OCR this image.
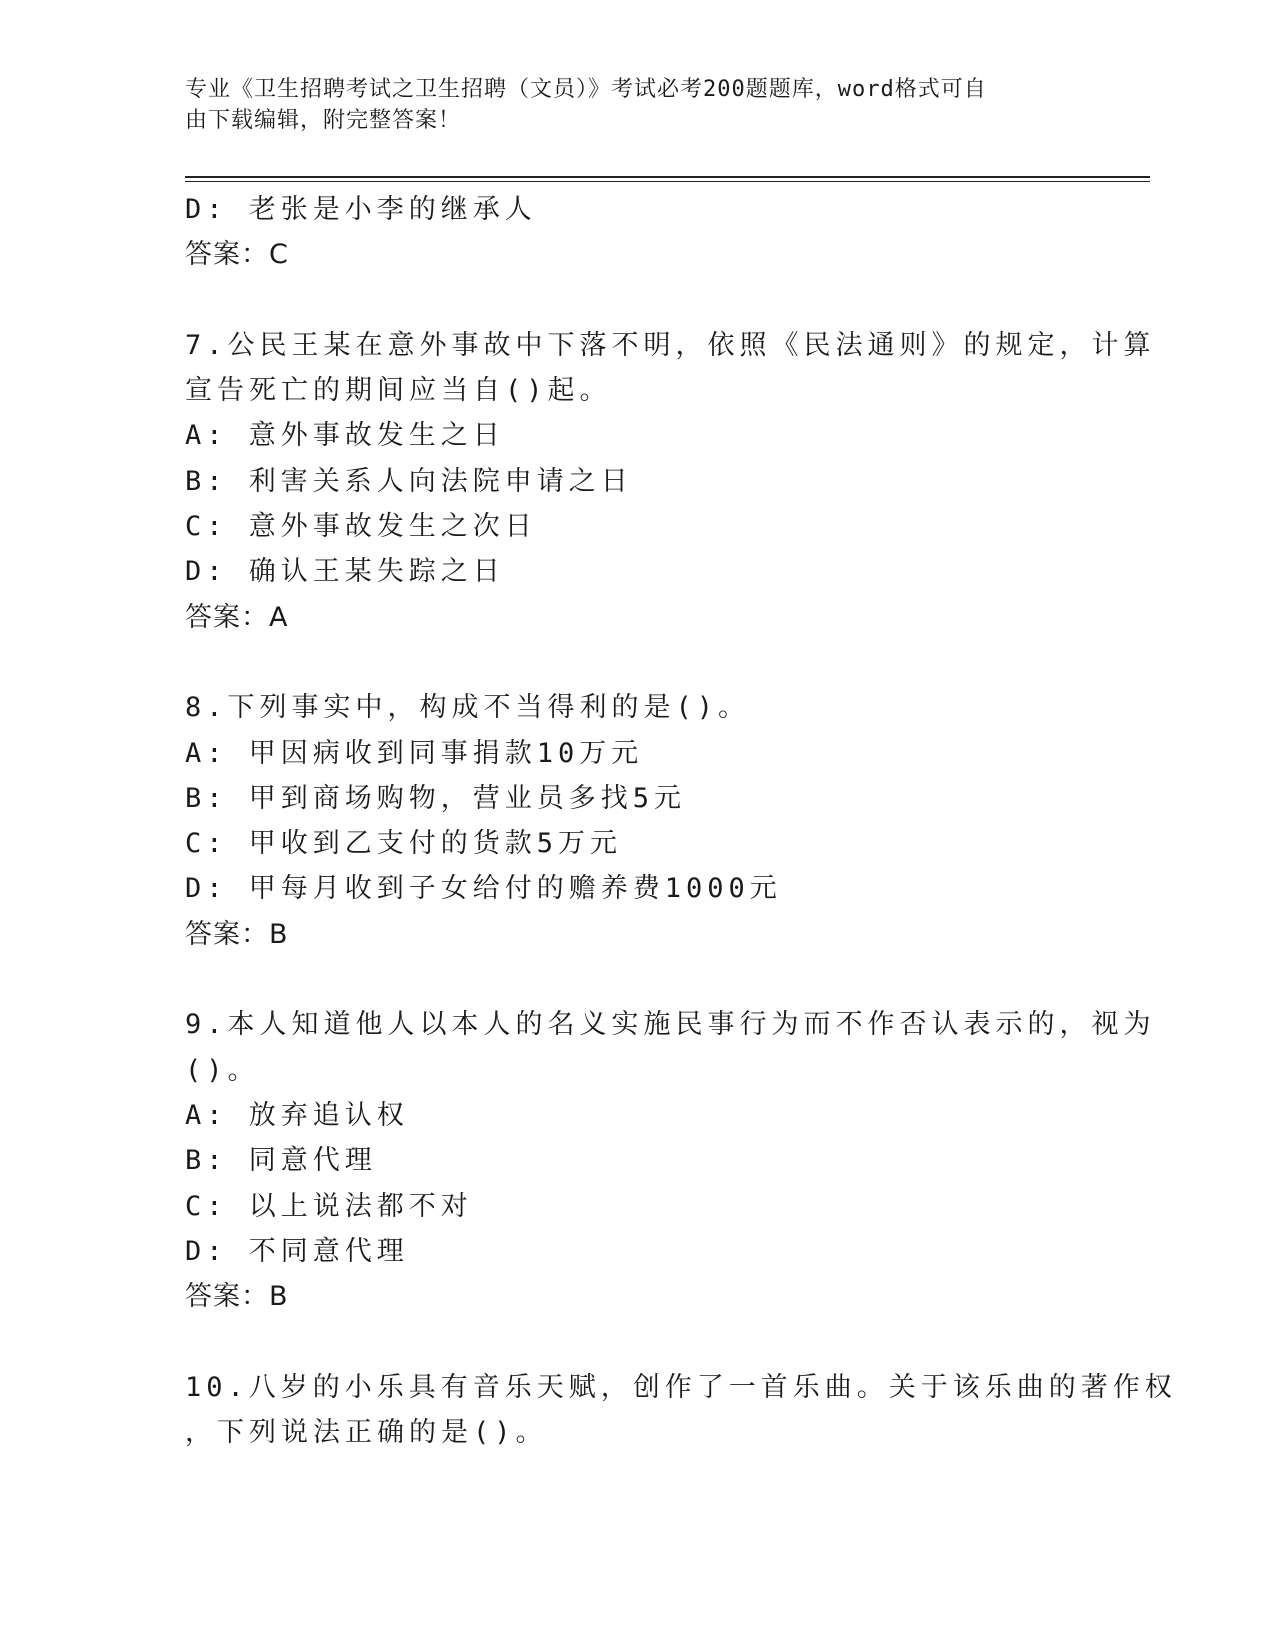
专业《卫生招聘考试之卫生招聘（文员）》考试必考200题题库，word格式可自
由下载编辑，附完整答案！
D: 老张是小李的继承人
答案：C
7.公民王某在意外事故中下落不明，依照《民法通则》的规定，计算
宣告死亡的期间应当自()起。
A: 意外事故发生之日
B: 利害关系人向法院申请之日
C: 意外事故发生之次日
D: 确认王某失踪之日
答案：A
8.下列事实中，构成不当得利的是()。
A: 甲因病收到同事捐款10万元
B: 甲到商场购物，营业员多找5元
C: 甲收到乙支付的货款5万元
D: 甲每月收到子女给付的赡养费1000元
答案：B
9.本人知道他人以本人的名义实施民事行为而不作否认表示的，视为
()。
A: 放弃追认权
B: 同意代理
C: 以上说法都不对
D: 不同意代理
答案：B
10.八岁的小乐具有音乐天赋，创作了一首乐曲。关于该乐曲的著作权
，下列说法正确的是()。
